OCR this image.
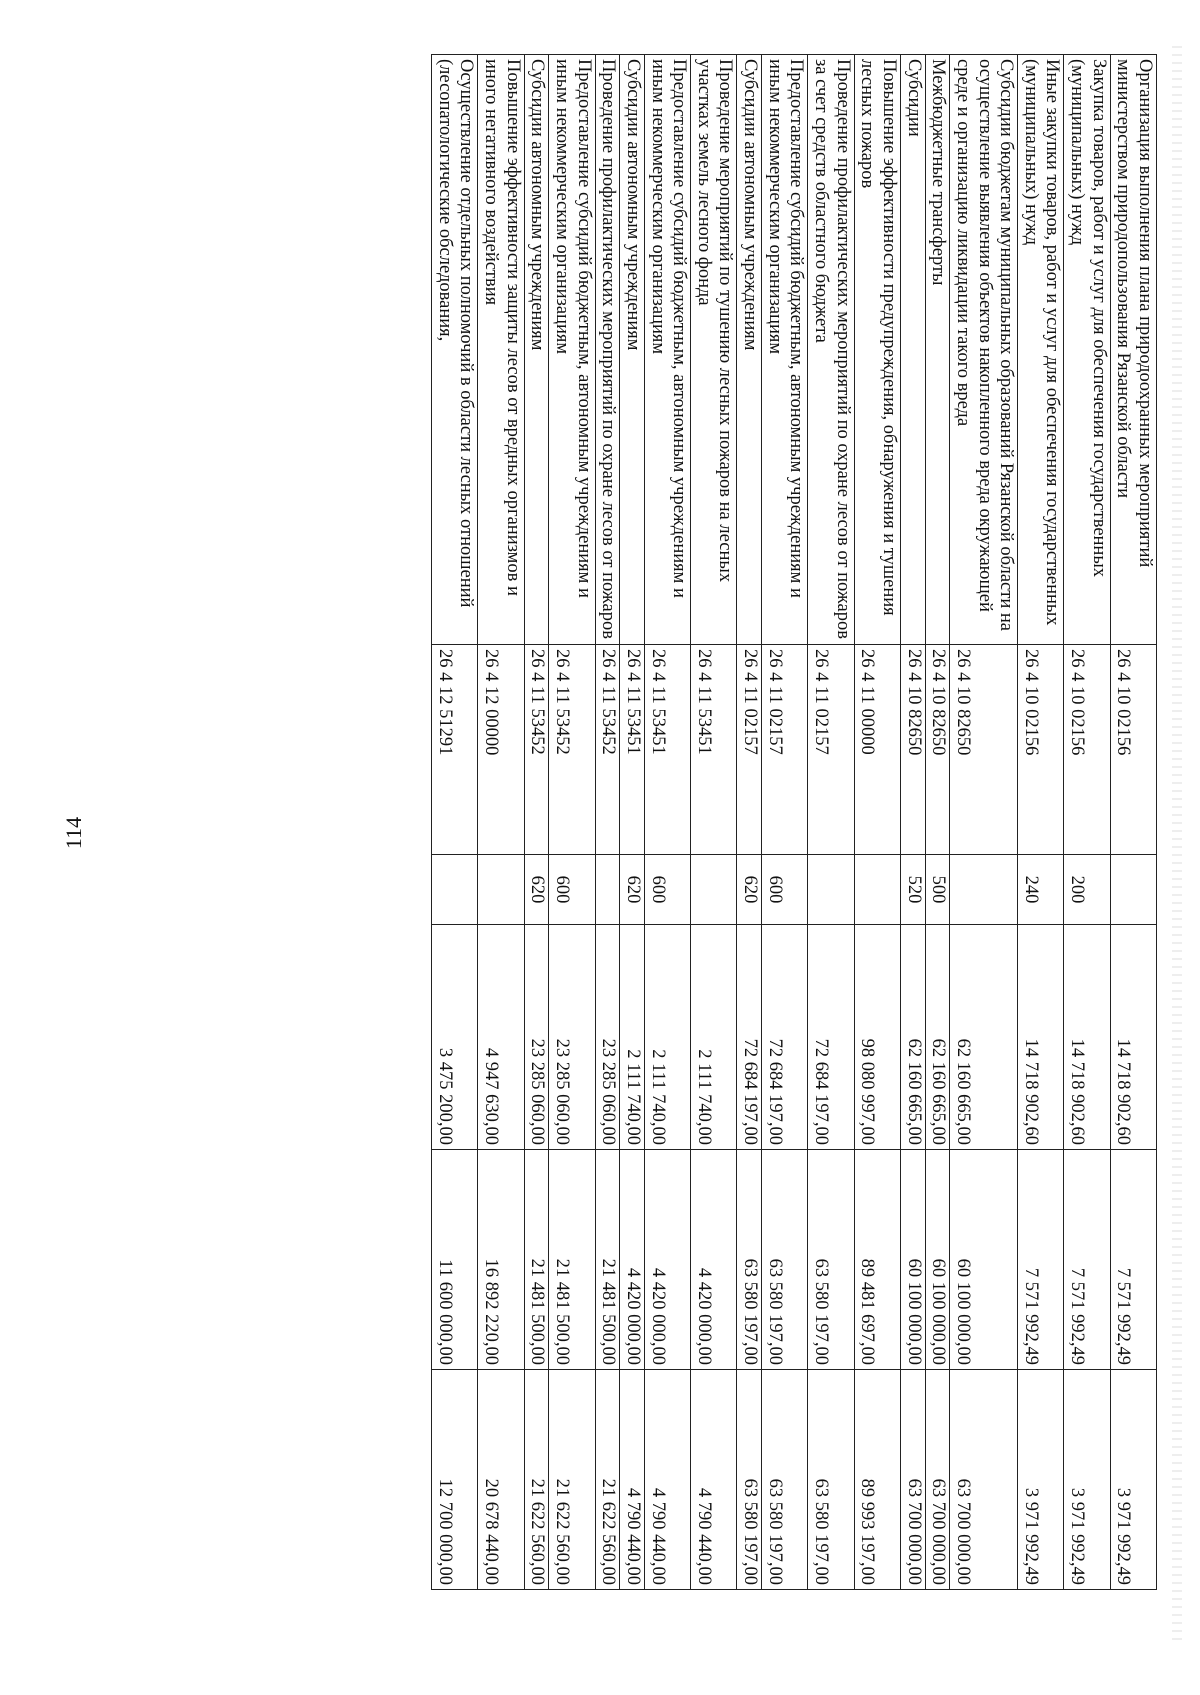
114
Организация выполнения плана природоохранных мероприятий министерством природопользования Рязанской области	26 4 10 02156		14 718 902,60	7 571 992,49	3 971 992,49
Закупка товаров, работ и услуг для обеспечения государственных (муниципальных) нужд	26 4 10 02156	200	14 718 902,60	7 571 992,49	3 971 992,49
Иные закупки товаров, работ и услуг для обеспечения государственных (муниципальных) нужд	26 4 10 02156	240	14 718 902,60	7 571 992,49	3 971 992,49
Субсидии бюджетам муниципальных образований Рязанской области на осуществление выявления объектов накопленного вреда окружающей среде и организацию ликвидации такого вреда	26 4 10 82650		62 160 665,00	60 100 000,00	63 700 000,00
Межбюджетные трансферты	26 4 10 82650	500	62 160 665,00	60 100 000,00	63 700 000,00
Субсидии	26 4 10 82650	520	62 160 665,00	60 100 000,00	63 700 000,00
Повышение эффективности предупреждения, обнаружения и тушения лесных пожаров	26 4 11 00000		98 080 997,00	89 481 697,00	89 993 197,00
Проведение профилактических мероприятий по охране лесов от пожаров за счет средств областного бюджета	26 4 11 02157		72 684 197,00	63 580 197,00	63 580 197,00
Предоставление субсидий бюджетным, автономным учреждениям и иным некоммерческим организациям	26 4 11 02157	600	72 684 197,00	63 580 197,00	63 580 197,00
Субсидии автономным учреждениям	26 4 11 02157	620	72 684 197,00	63 580 197,00	63 580 197,00
Проведение мероприятий по тушению лесных пожаров на лесных участках земель лесного фонда	26 4 11 53451		2 111 740,00	4 420 000,00	4 790 440,00
Предоставление субсидий бюджетным, автономным учреждениям и иным некоммерческим организациям	26 4 11 53451	600	2 111 740,00	4 420 000,00	4 790 440,00
Субсидии автономным учреждениям	26 4 11 53451	620	2 111 740,00	4 420 000,00	4 790 440,00
Проведение профилактических мероприятий по охране лесов от пожаров	26 4 11 53452		23 285 060,00	21 481 500,00	21 622 560,00
Предоставление субсидий бюджетным, автономным учреждениям и иным некоммерческим организациям	26 4 11 53452	600	23 285 060,00	21 481 500,00	21 622 560,00
Субсидии автономным учреждениям	26 4 11 53452	620	23 285 060,00	21 481 500,00	21 622 560,00
Повышение эффективности защиты лесов от вредных организмов и иного негативного воздействия	26 4 12 00000		4 947 630,00	16 892 220,00	20 678 440,00
Осуществление отдельных полномочий в области лесных отношений (лесопатологические обследования,	26 4 12 51291		3 475 200,00	11 600 000,00	12 700 000,00
